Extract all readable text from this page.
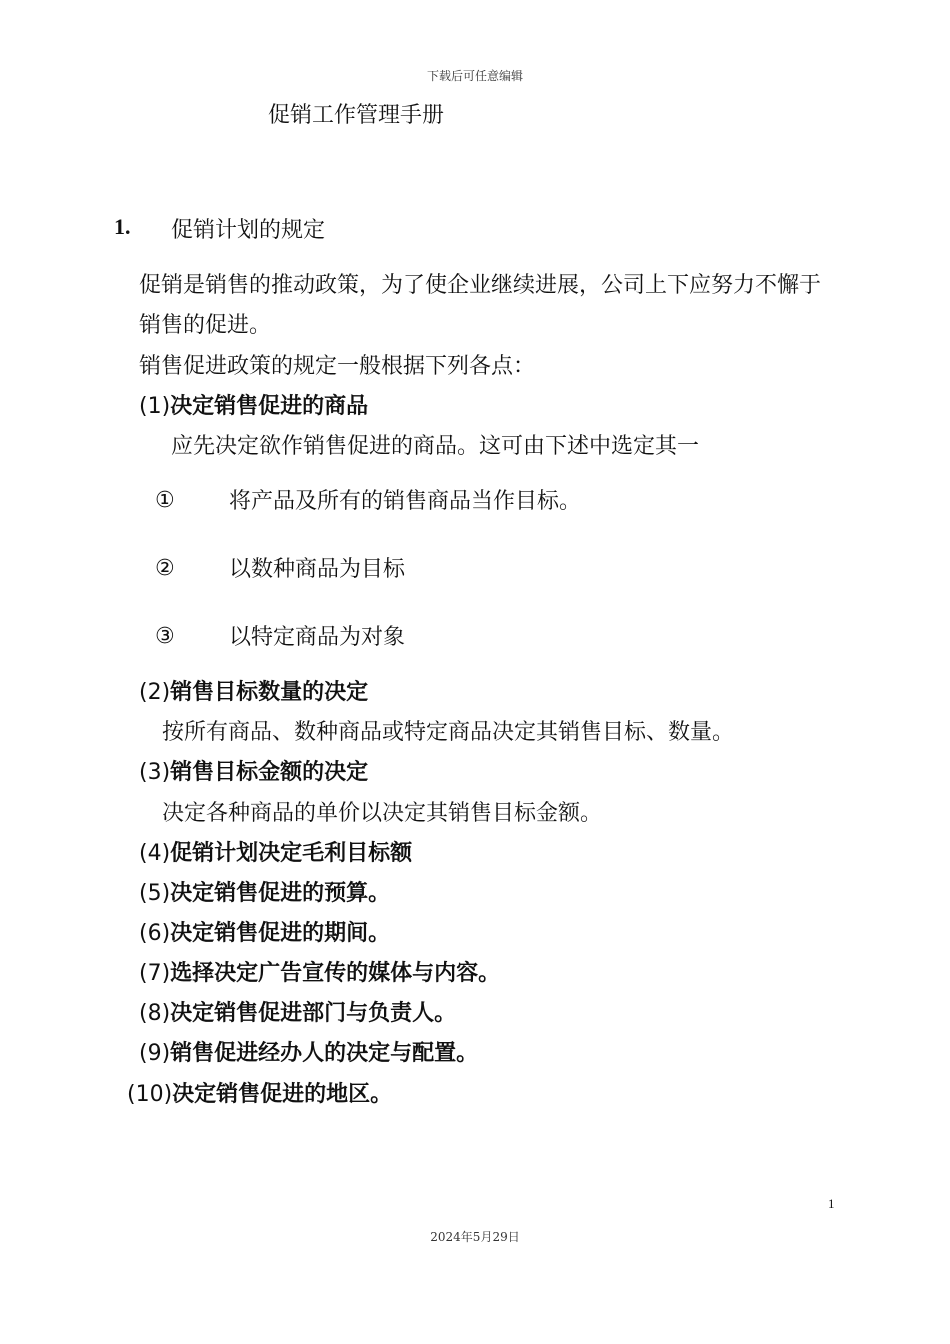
下载后可任意编辑
促销工作管理手册
1. 促销计划的规定
促销是销售的推动政策，为了使企业继续进展，公司上下应努力不懈于
销售的促进。
销售促进政策的规定一般根据下列各点：
(1)决定销售促进的商品
应先决定欲作销售促进的商品。这可由下述中选定其一
① 将产品及所有的销售商品当作目标。
② 以数种商品为目标
③ 以特定商品为对象
(2)销售目标数量的决定
按所有商品、数种商品或特定商品决定其销售目标、数量。
(3)销售目标金额的决定
决定各种商品的单价以决定其销售目标金额。
(4)促销计划决定毛利目标额
(5)决定销售促进的预算。
(6)决定销售促进的期间。
(7)选择决定广告宣传的媒体与内容。
(8)决定销售促进部门与负责人。
(9)销售促进经办人的决定与配置。
(10)决定销售促进的地区。
1
2024年5月29日
